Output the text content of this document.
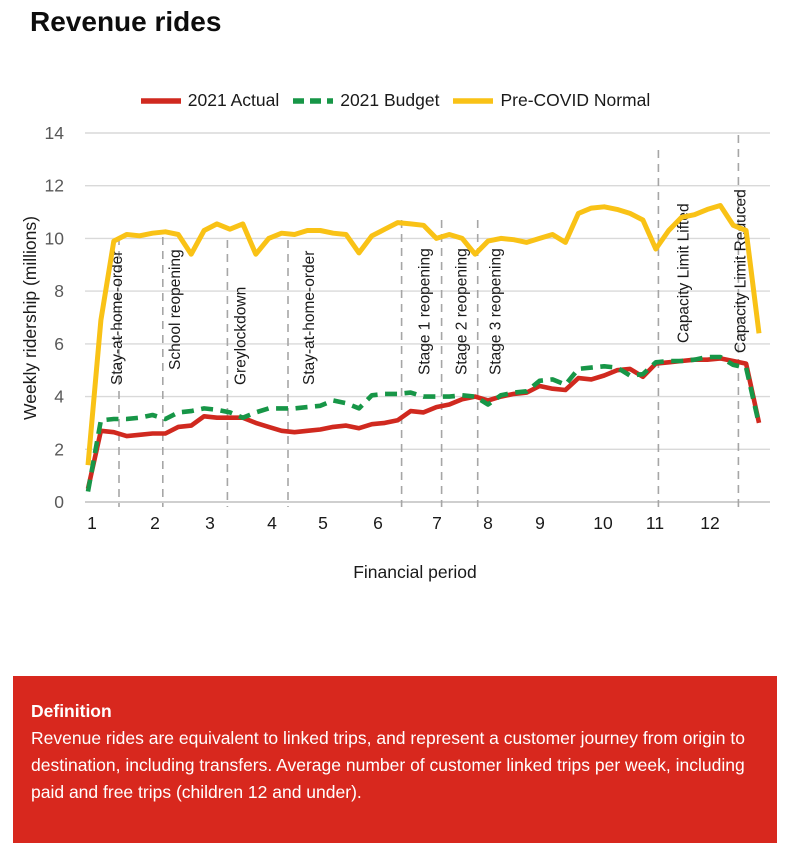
Revenue rides
0
2
4
6
8
10
12
14
1	2	3	4 5	6	7 8 9	10 11 12
Weekly ridership (millions)
Financial period
Stay-at-home-order	School reopening	Greylockdown	Stay-at-home-order	Stage 1 reopening Stage 2 reopening Stage 3 reopening	Capacity Limit Lifted	Capacity Limit Reduced
2021 Actual	2021 Budget	Pre-COVID Normal

Definition

Revenue rides are equivalent to linked trips, and represent a customer journey from origin to destination, including transfers. Average number of customer linked trips per week, including paid and free trips (children 12 and under).
